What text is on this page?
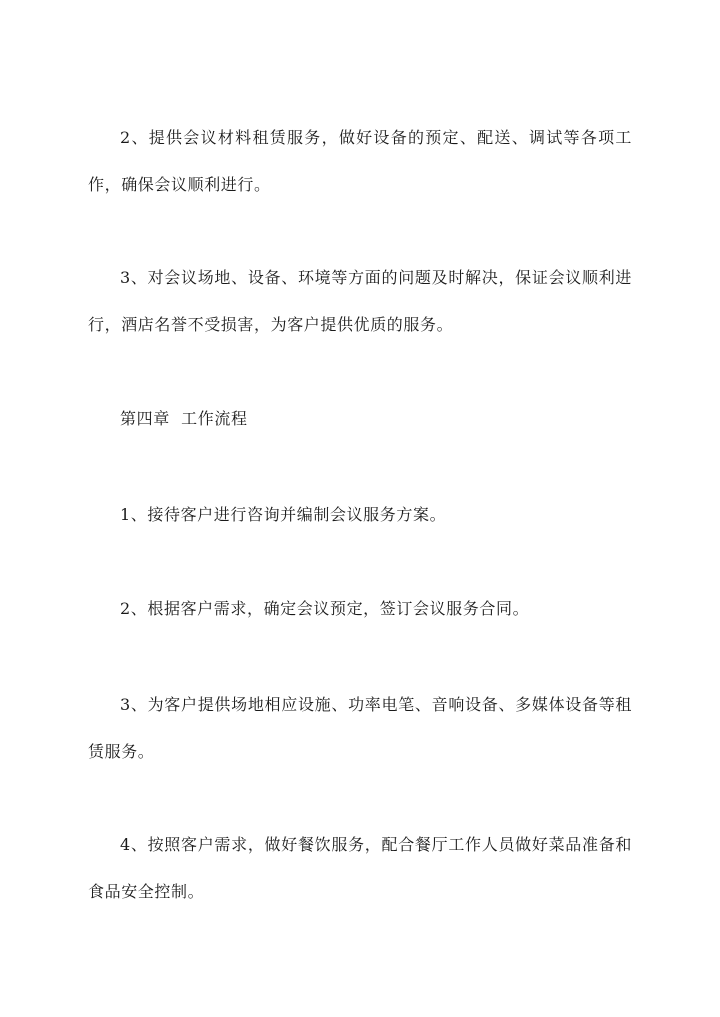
2、提供会议材料租赁服务，做好设备的预定、配送、调试等各项工作，确保会议顺利进行。

3、对会议场地、设备、环境等方面的问题及时解决，保证会议顺利进行，酒店名誉不受损害，为客户提供优质的服务。

第四章  工作流程

1、接待客户进行咨询并编制会议服务方案。

2、根据客户需求，确定会议预定，签订会议服务合同。

3、为客户提供场地相应设施、功率电笔、音响设备、多媒体设备等租赁服务。

4、按照客户需求，做好餐饮服务，配合餐厅工作人员做好菜品准备和食品安全控制。
